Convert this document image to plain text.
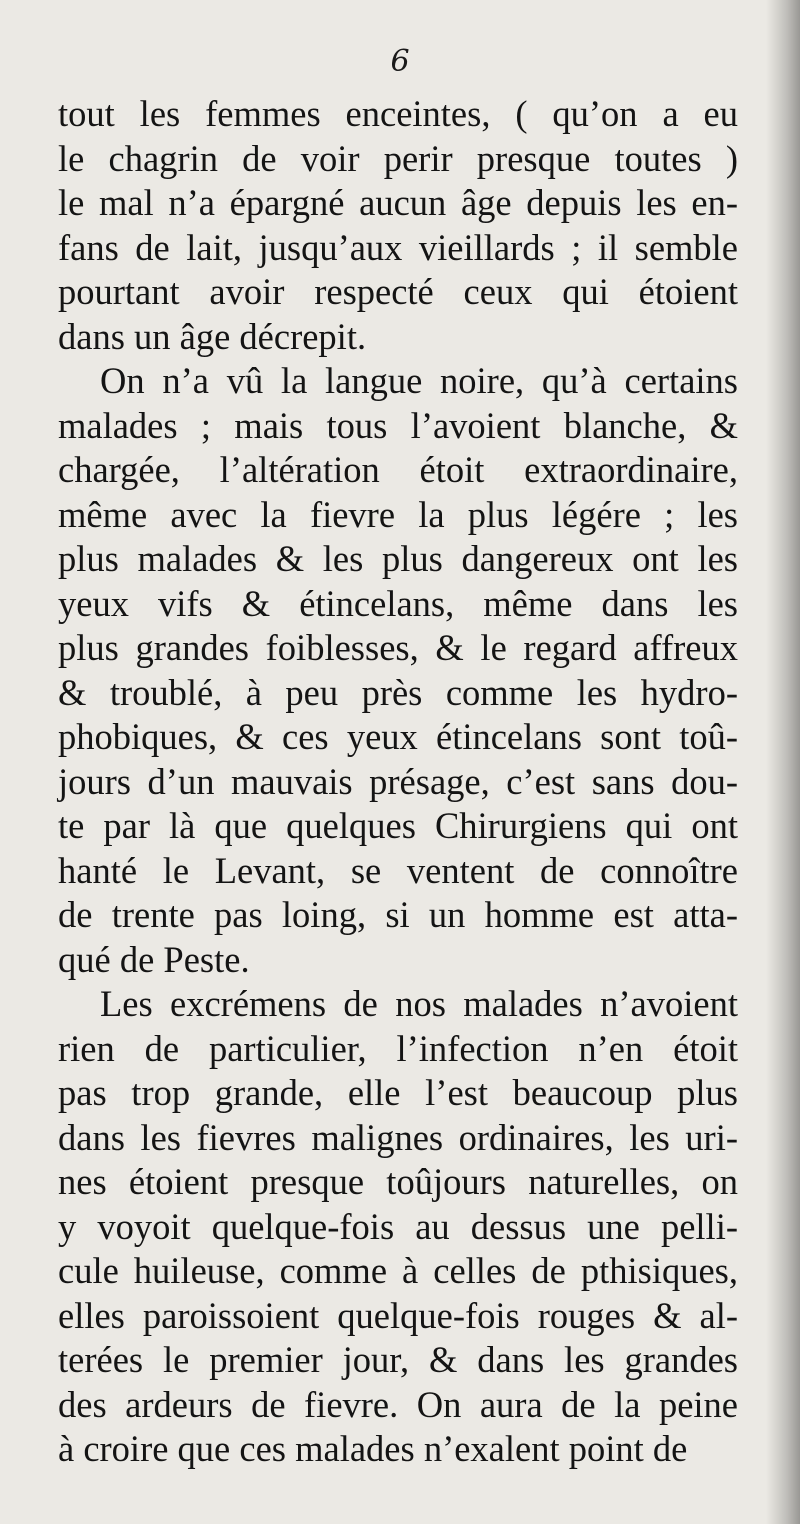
6
tout les femmes enceintes, ( qu’on a eu
le chagrin de voir perir presque toutes )
le mal n’a épargné aucun âge depuis les en-
fans de lait, jusqu’aux vieillards ; il semble
pourtant avoir respecté ceux qui étoient
dans un âge décrepit.
On n’a vû la langue noire, qu’à certains
malades ; mais tous l’avoient blanche, &
chargée, l’altération étoit extraordinaire,
même avec la fievre la plus légére ; les
plus malades & les plus dangereux ont les
yeux vifs & étincelans, même dans les
plus grandes foiblesses, & le regard affreux
& troublé, à peu près comme les hydro-
phobiques, & ces yeux étincelans sont toû-
jours d’un mauvais présage, c’est sans dou-
te par là que quelques Chirurgiens qui ont
hanté le Levant, se ventent de connoître
de trente pas loing, si un homme est atta-
qué de Peste.
Les excrémens de nos malades n’avoient
rien de particulier, l’infection n’en étoit
pas trop grande, elle l’est beaucoup plus
dans les fievres malignes ordinaires, les uri-
nes étoient presque toûjours naturelles, on
y voyoit quelque-fois au dessus une pelli-
cule huileuse, comme à celles de pthisiques,
elles paroissoient quelque-fois rouges & al-
terées le premier jour, & dans les grandes
des ardeurs de fievre. On aura de la peine
à croire que ces malades n’exalent point de
